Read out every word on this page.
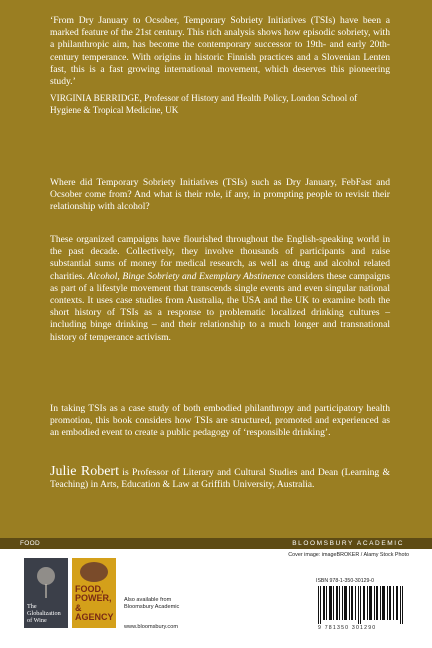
‘From Dry January to Ocsober, Temporary Sobriety Initiatives (TSIs) have been a marked feature of the 21st century. This rich analysis shows how episodic sobriety, with a philanthropic aim, has become the contemporary successor to 19th- and early 20th-century temperance. With origins in historic Finnish practices and a Slovenian Lenten fast, this is a fast growing international movement, which deserves this pioneering study.’

VIRGINIA BERRIDGE, Professor of History and Health Policy, London School of Hygiene & Tropical Medicine, UK

Where did Temporary Sobriety Initiatives (TSIs) such as Dry January, FebFast and Ocsober come from? And what is their role, if any, in prompting people to revisit their relationship with alcohol?

These organized campaigns have flourished throughout the English-speaking world in the past decade. Collectively, they involve thousands of participants and raise substantial sums of money for medical research, as well as drug and alcohol related charities. Alcohol, Binge Sobriety and Exemplary Abstinence considers these campaigns as part of a lifestyle movement that transcends single events and even singular national contexts. It uses case studies from Australia, the USA and the UK to examine both the short history of TSIs as a response to problematic localized drinking cultures – including binge drinking – and their relationship to a much longer and transnational history of temperance activism.

In taking TSIs as a case study of both embodied philanthropy and participatory health promotion, this book considers how TSIs are structured, promoted and experienced as an embodied event to create a public pedagogy of ‘responsible drinking’.

Julie Robert is Professor of Literary and Cultural Studies and Dean (Learning & Teaching) in Arts, Education & Law at Griffith University, Australia.

FOOD	BLOOMSBURY ACADEMIC
The Globalization of Wine
FOOD, POWER, & AGENCY
Also available from Bloomsbury Academic
www.bloomsbury.com
Cover image: imageBROKER / Alamy Stock Photo
ISBN 978-1-350-30129-0
9 781350 301290
